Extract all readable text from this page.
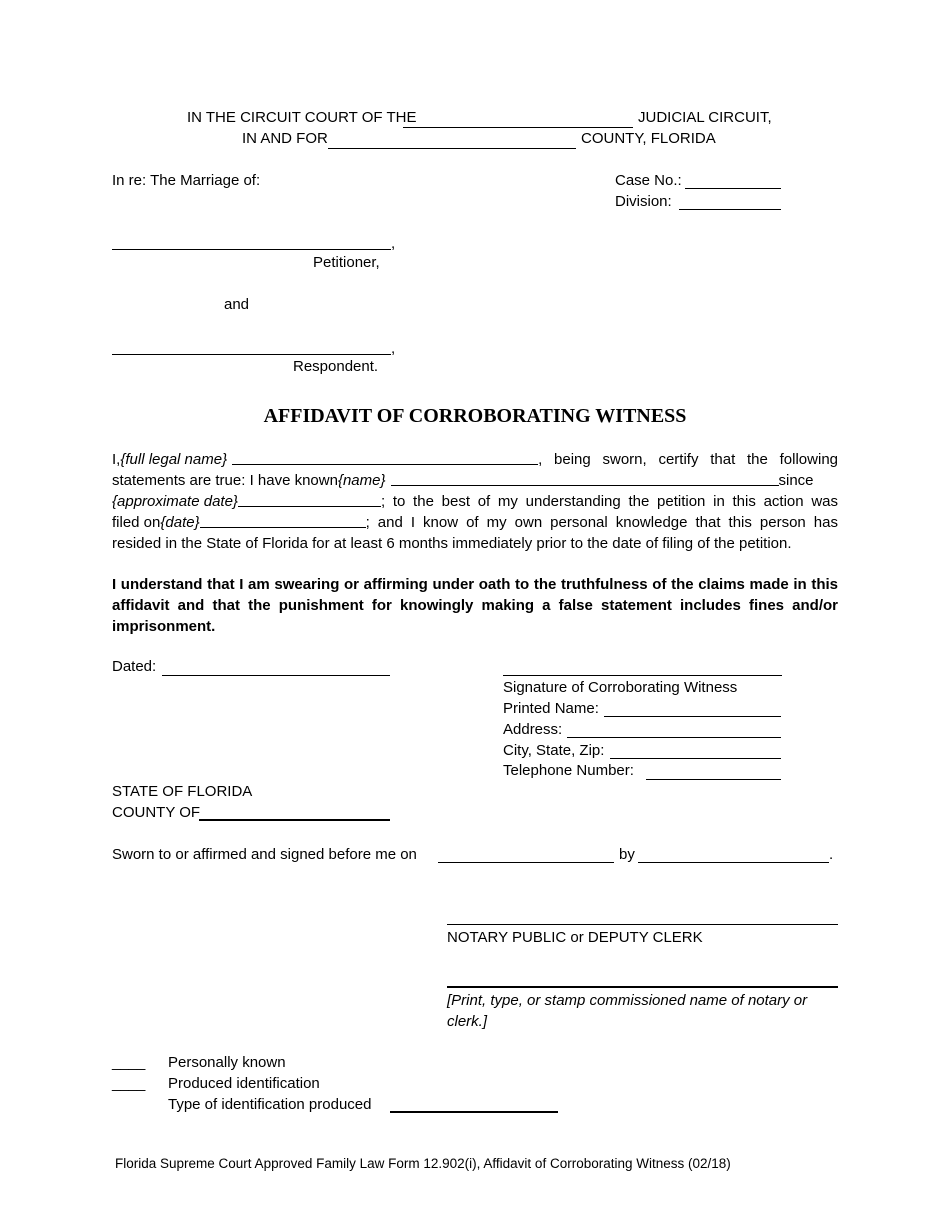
IN THE CIRCUIT COURT OF THE	JUDICIAL CIRCUIT,
IN AND FOR	COUNTY, FLORIDA
In re: The Marriage of:	Case No.:
Division:
,
Petitioner,
and
,
Respondent.
AFFIDAVIT OF CORROBORATING WITNESS
I, {full legal name}	, being sworn, certify that the following
statements are true: I have known {name}	since
{approximate date}	; to the best of my understanding the petition in this action was
filed on {date}	; and I know of my own personal knowledge that this person has
resided in the State of Florida for at least 6 months immediately prior to the date of filing of the petition.
I understand that I am swearing or affirming under oath to the truthfulness of the claims made in this
affidavit and that the punishment for knowingly making a false statement includes fines and/or
imprisonment.
Dated:
Signature of Corroborating Witness
Printed Name:
Address:
City, State, Zip:
Telephone Number:
STATE OF FLORIDA
COUNTY OF
Sworn to or affirmed and signed before me on	by	.
NOTARY PUBLIC or DEPUTY CLERK
[Print, type, or stamp commissioned name of notary or
clerk.]
____ Personally known
____ Produced identification
Type of identification produced
Florida Supreme Court Approved Family Law Form 12.902(i), Affidavit of Corroborating Witness (02/18)
